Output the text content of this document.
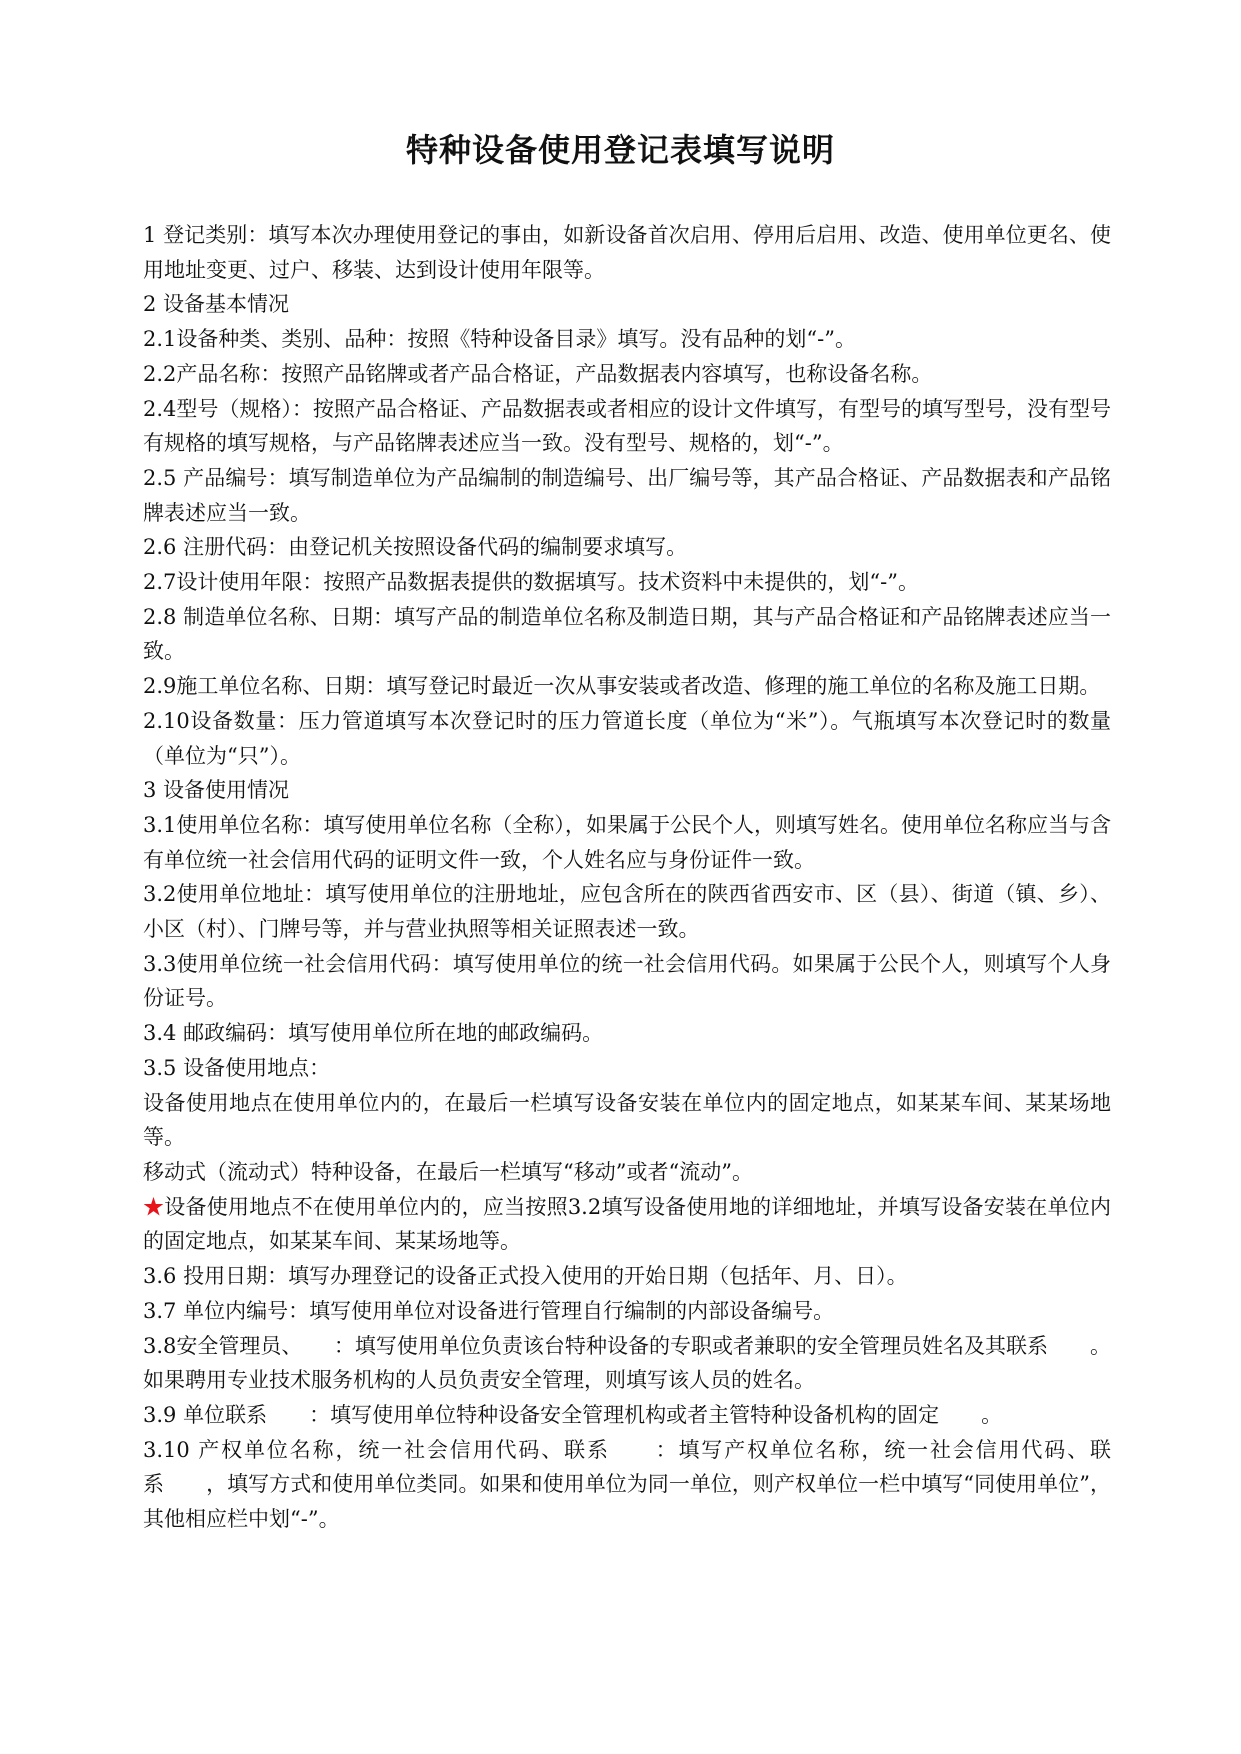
特种设备使用登记表填写说明

1 登记类别：填写本次办理使用登记的事由，如新设备首次启用、停用后启用、改造、使用单位更名、使用地址变更、过户、移装、达到设计使用年限等。

2 设备基本情况

2.1设备种类、类别、品种：按照《特种设备目录》填写。没有品种的划“-”。

2.2产品名称：按照产品铭牌或者产品合格证，产品数据表内容填写，也称设备名称。

2.4型号（规格）：按照产品合格证、产品数据表或者相应的设计文件填写，有型号的填写型号，没有型号有规格的填写规格，与产品铭牌表述应当一致。没有型号、规格的，划“-”。

2.5 产品编号：填写制造单位为产品编制的制造编号、出厂编号等，其产品合格证、产品数据表和产品铭牌表述应当一致。

2.6 注册代码：由登记机关按照设备代码的编制要求填写。

2.7设计使用年限：按照产品数据表提供的数据填写。技术资料中未提供的，划“-”。

2.8 制造单位名称、日期：填写产品的制造单位名称及制造日期，其与产品合格证和产品铭牌表述应当一致。

2.9施工单位名称、日期：填写登记时最近一次从事安装或者改造、修理的施工单位的名称及施工日期。

2.10设备数量：压力管道填写本次登记时的压力管道长度（单位为“米”）。气瓶填写本次登记时的数量（单位为“只”）。

3 设备使用情况

3.1使用单位名称：填写使用单位名称（全称），如果属于公民个人，则填写姓名。使用单位名称应当与含有单位统一社会信用代码的证明文件一致，个人姓名应与身份证件一致。

3.2使用单位地址：填写使用单位的注册地址，应包含所在的陕西省西安市、区（县）、街道（镇、乡）、小区（村）、门牌号等，并与营业执照等相关证照表述一致。

3.3使用单位统一社会信用代码：填写使用单位的统一社会信用代码。如果属于公民个人，则填写个人身份证号。

3.4 邮政编码：填写使用单位所在地的邮政编码。

3.5 设备使用地点：

设备使用地点在使用单位内的，在最后一栏填写设备安装在单位内的固定地点，如某某车间、某某场地等。

移动式（流动式）特种设备，在最后一栏填写“移动”或者“流动”。

★设备使用地点不在使用单位内的，应当按照3.2填写设备使用地的详细地址，并填写设备安装在单位内的固定地点，如某某车间、某某场地等。

3.6 投用日期：填写办理登记的设备正式投入使用的开始日期（包括年、月、日）。

3.7 单位内编号：填写使用单位对设备进行管理自行编制的内部设备编号。

3.8安全管理员、　　：填写使用单位负责该台特种设备的专职或者兼职的安全管理员姓名及其联系　　。如果聘用专业技术服务机构的人员负责安全管理，则填写该人员的姓名。

3.9 单位联系　　：填写使用单位特种设备安全管理机构或者主管特种设备机构的固定　　。

3.10 产权单位名称，统一社会信用代码、联系　　：填写产权单位名称，统一社会信用代码、联系　　，填写方式和使用单位类同。如果和使用单位为同一单位，则产权单位一栏中填写“同使用单位”，其他相应栏中划“-”。
